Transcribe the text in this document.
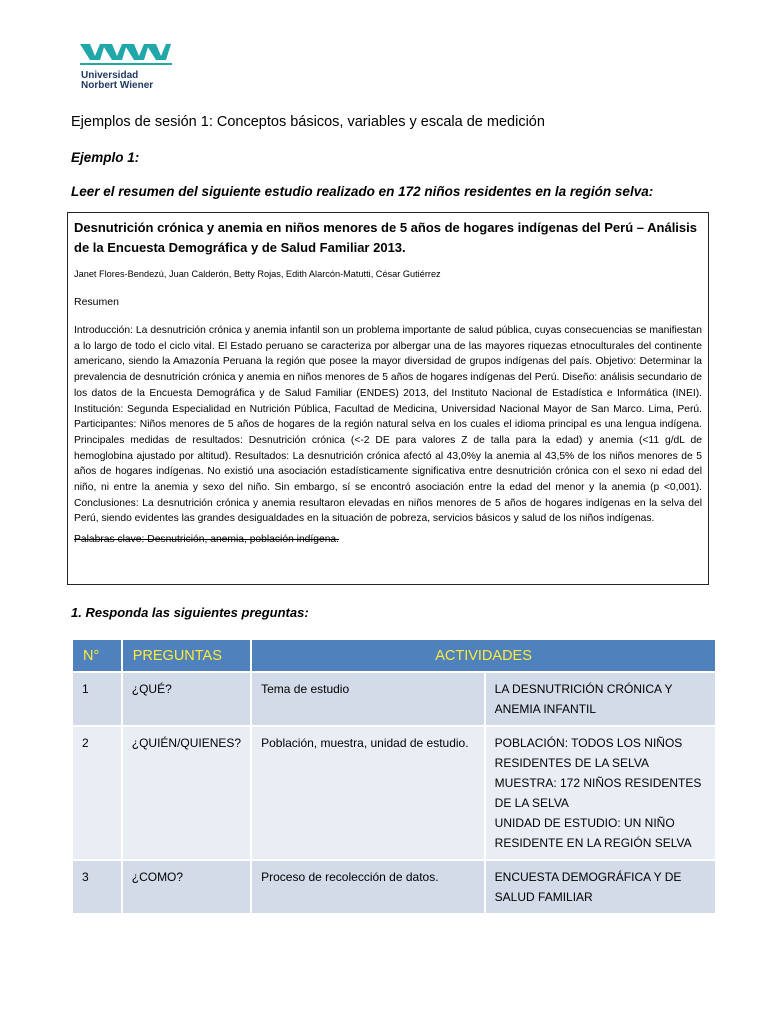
Universidad
Norbert Wiener
Ejemplos de sesión 1: Conceptos básicos, variables y escala de medición
Ejemplo 1:
Leer el resumen del siguiente estudio realizado en 172 niños residentes en la región selva:

Desnutrición crónica y anemia en niños menores de 5 años de hogares indígenas del Perú – Análisis de la Encuesta Demográfica y de Salud Familiar 2013.

Janet Flores-Bendezú, Juan Calderón, Betty Rojas, Edith Alarcón-Matutti, César Gutiérrez
Resumen
Introducción: La desnutrición crónica y anemia infantil son un problema importante de salud pública, cuyas consecuencias se manifiestan a lo largo de todo el ciclo vital. El Estado peruano se caracteriza por albergar una de las mayores riquezas etnoculturales del continente americano, siendo la Amazonía Peruana la región que posee la mayor diversidad de grupos indígenas del país. Objetivo: Determinar la prevalencia de desnutrición crónica y anemia en niños menores de 5 años de hogares indígenas del Perú. Diseño: análisis secundario de los datos de la Encuesta Demográfica y de Salud Familiar (ENDES) 2013, del Instituto Nacional de Estadística e Informática (INEI). Institución: Segunda Especialidad en Nutrición Pública, Facultad de Medicina, Universidad Nacional Mayor de San Marco. Lima, Perú. Participantes: Niños menores de 5 años de hogares de la región natural selva en los cuales el idioma principal es una lengua indígena. Principales medidas de resultados: Desnutrición crónica (<-2 DE para valores Z de talla para la edad) y anemia (<11 g/dL de hemoglobina ajustado por altitud). Resultados: La desnutrición crónica afectó al 43,0%y la anemia al 43,5% de los niños menores de 5 años de hogares indígenas. No existió una asociación estadísticamente significativa entre desnutrición crónica con el sexo ni edad del niño, ni entre la anemia y sexo del niño. Sin embargo, sí se encontró asociación entre la edad del menor y la anemia (p <0,001). Conclusiones: La desnutrición crónica y anemia resultaron elevadas en niños menores de 5 años de hogares indígenas en la selva del Perú, siendo evidentes las grandes desigualdades en la situación de pobreza, servicios básicos y salud de los niños indígenas.
Palabras clave: Desnutrición, anemia, población indígena.
1. Responda las siguientes preguntas:
N°	PREGUNTAS	ACTIVIDADES	
1	¿QUÉ?	Tema de estudio	LA DESNUTRICIÓN CRÓNICA Y ANEMIA INFANTIL

2	¿QUIÉN/QUIENES?	Población, muestra, unidad de estudio.	POBLACIÓN: TODOS LOS NIÑOS RESIDENTES DE LA SELVA
MUESTRA: 172 NIÑOS RESIDENTES DE LA SELVA
UNIDAD DE ESTUDIO: UN NIÑO RESIDENTE EN LA REGIÓN SELVA

3	¿COMO?	Proceso de recolección de datos.	ENCUESTA DEMOGRÁFICA Y DE SALUD FAMILIAR
